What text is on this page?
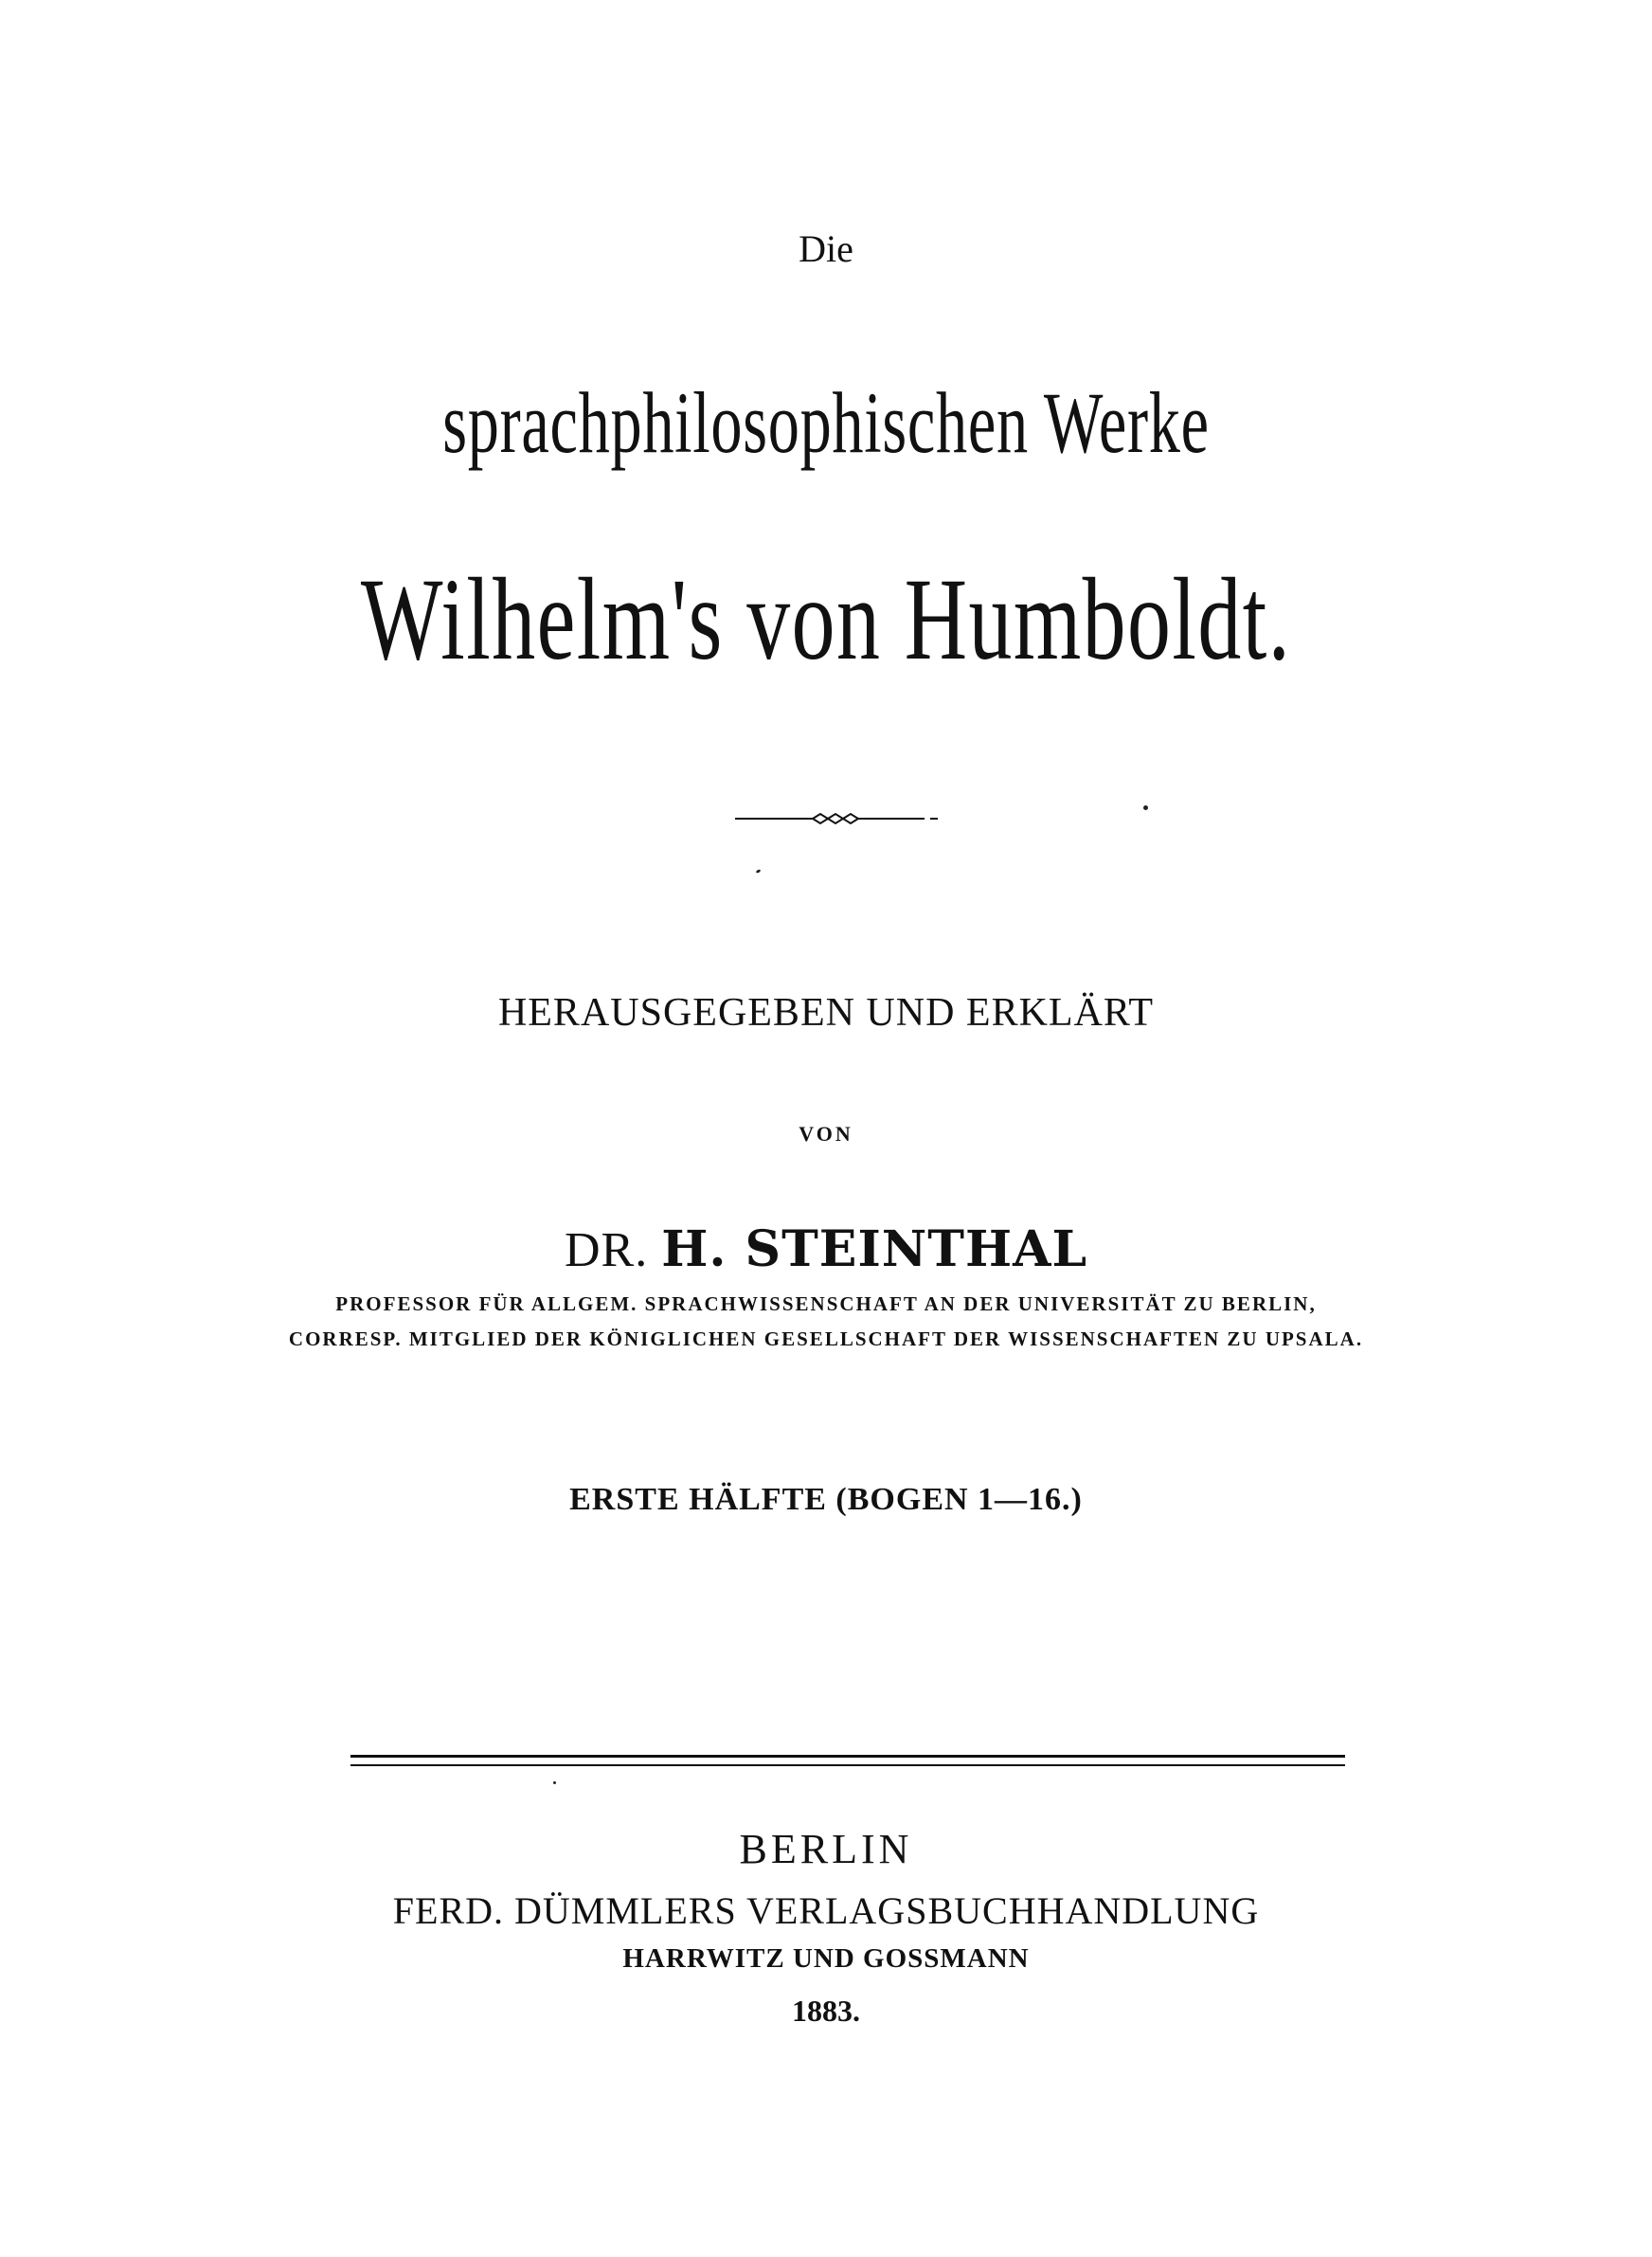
Die
sprachphilosophischen Werke
Wilhelm's von Humboldt.
HERAUSGEGEBEN UND ERKLÄRT
VON
DR. H. STEINTHAL
PROFESSOR FÜR ALLGEM. SPRACHWISSENSCHAFT AN DER UNIVERSITÄT ZU BERLIN,
CORRESP. MITGLIED DER KÖNIGLICHEN GESELLSCHAFT DER WISSENSCHAFTEN ZU UPSALA.
ERSTE HÄLFTE (BOGEN 1—16.)
BERLIN
FERD. DÜMMLERS VERLAGSBUCHHANDLUNG
HARRWITZ UND GOSSMANN
1883.
